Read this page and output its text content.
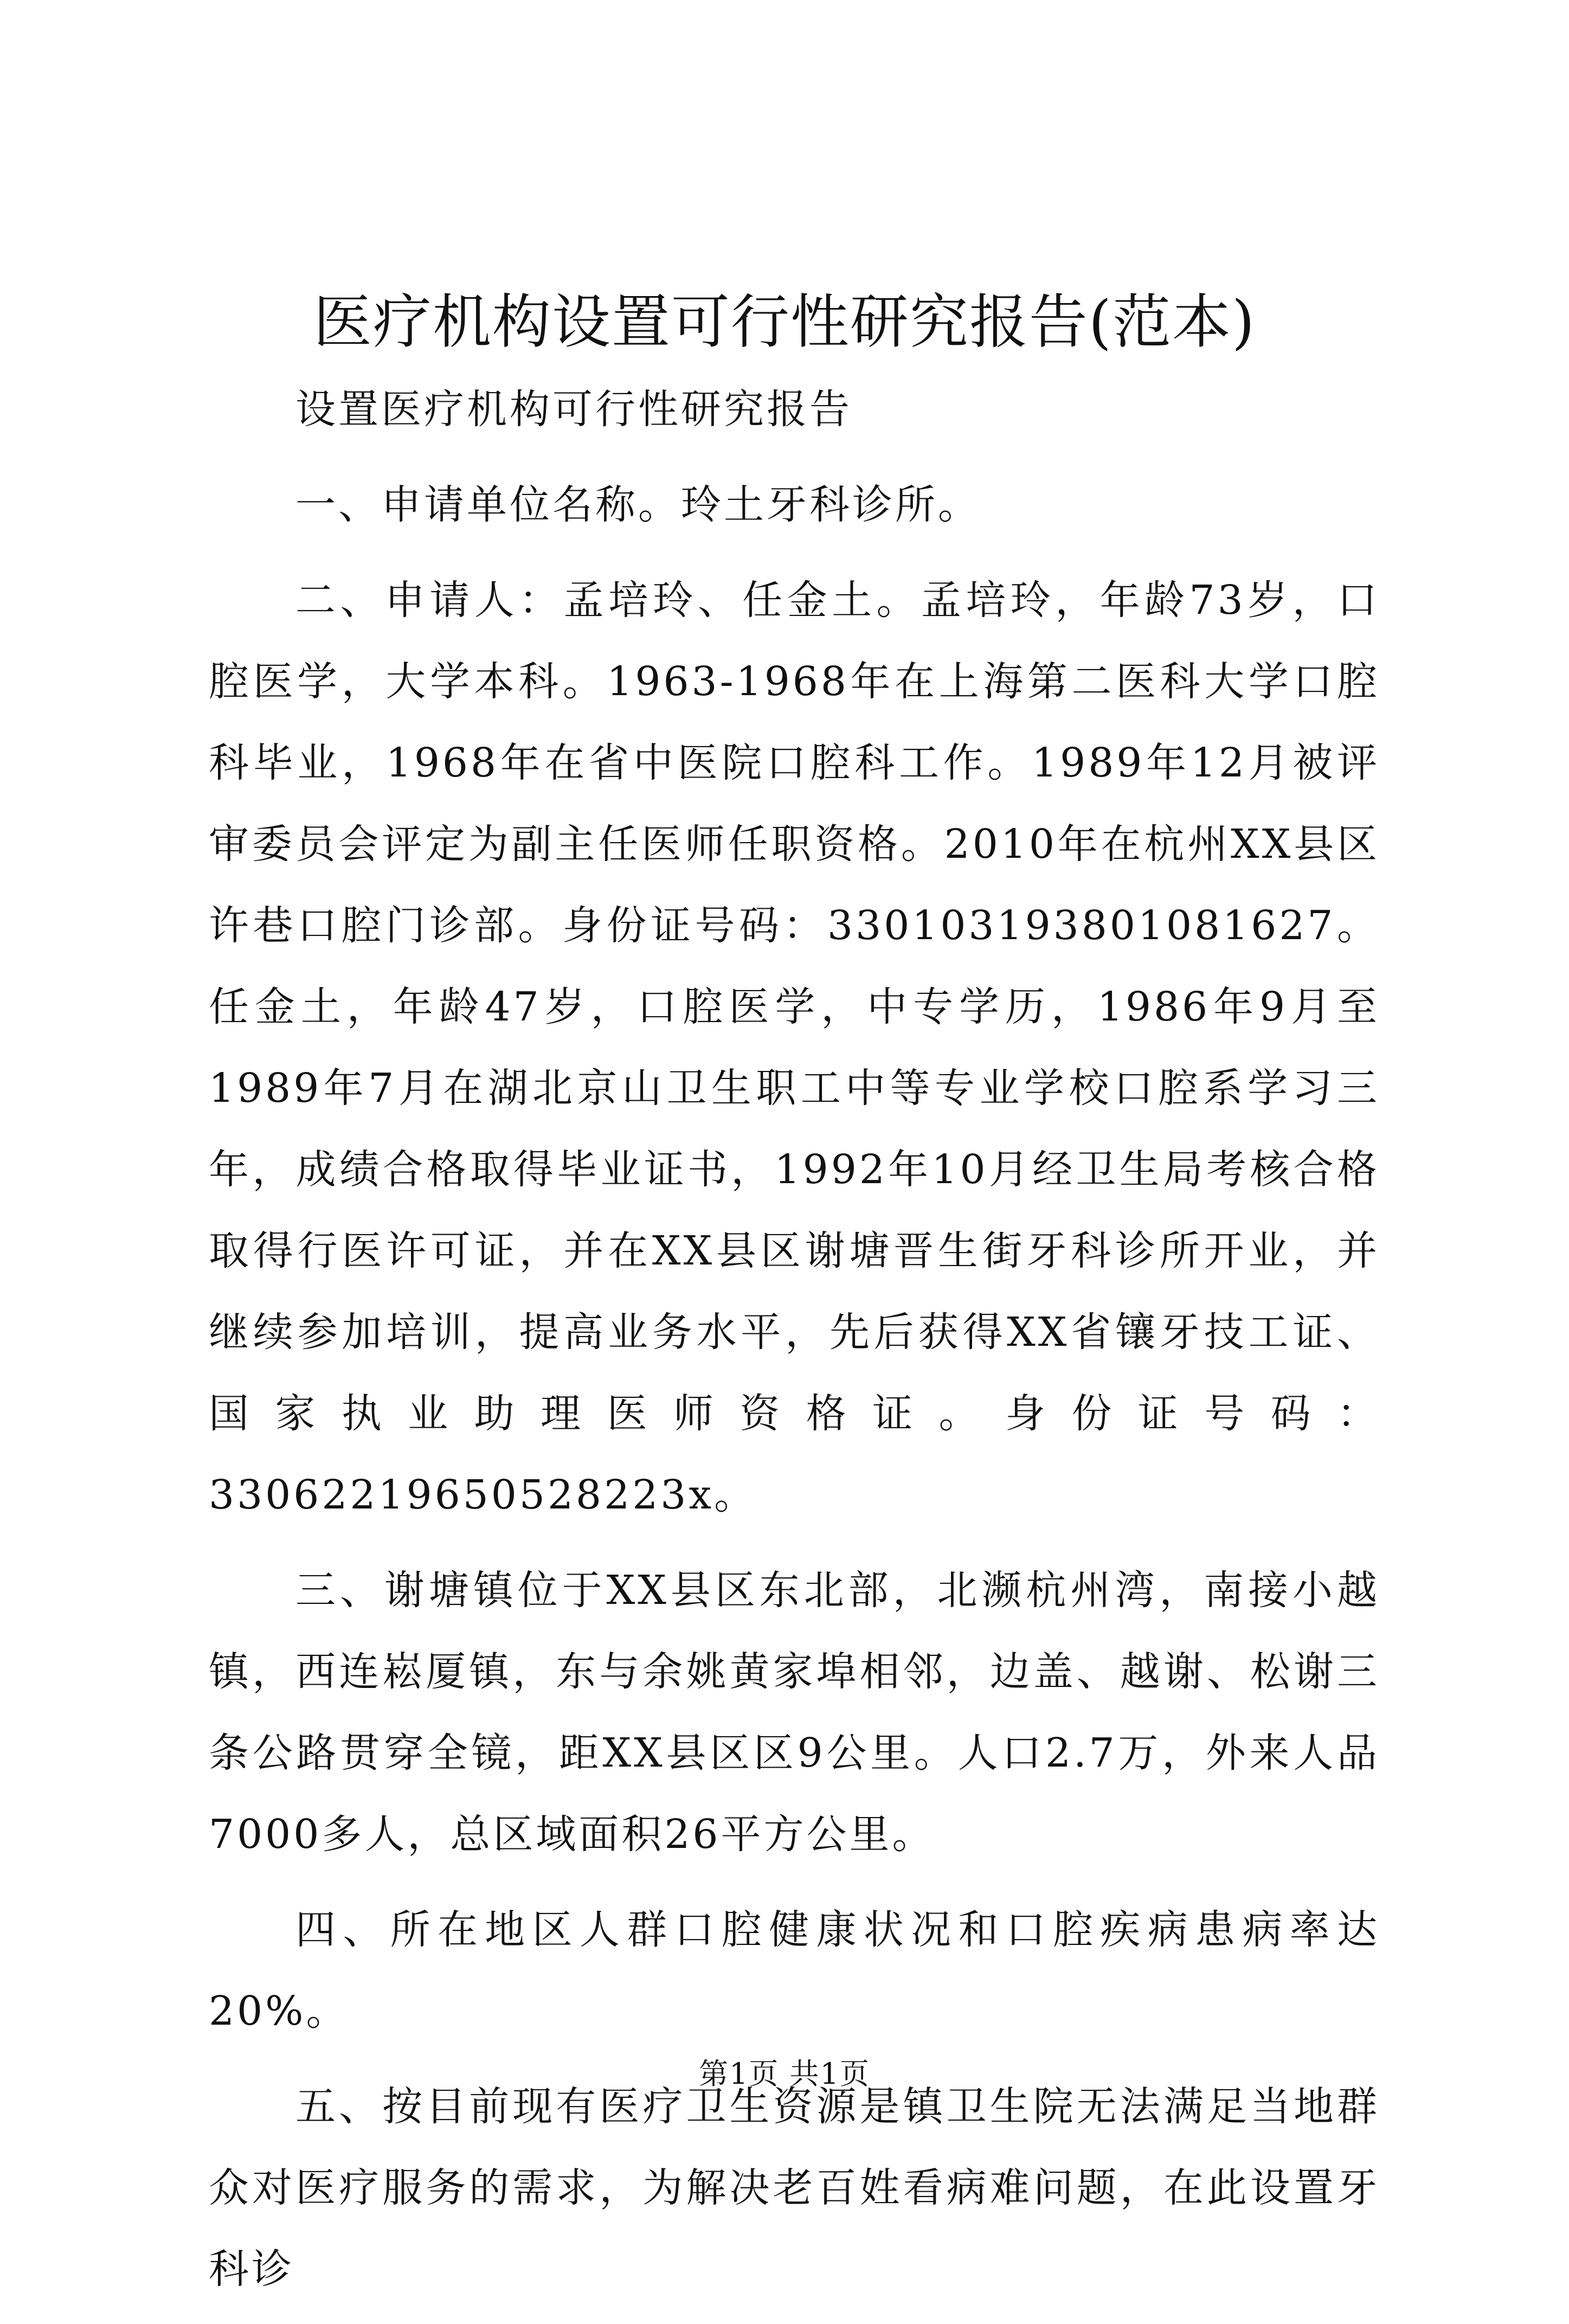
医疗机构设置可行性研究报告(范本)

设置医疗机构可行性研究报告

一、申请单位名称。玲土牙科诊所。

二、申请人：孟培玲、任金土。孟培玲，年龄73岁，口腔医学，大学本科。1963-1968年在上海第二医科大学口腔科毕业，1968年在省中医院口腔科工作。1989年12月被评审委员会评定为副主任医师任职资格。2010年在杭州XX县区许巷口腔门诊部。身份证号码：330103193801081627。任金土，年龄47岁，口腔医学，中专学历，1986年9月至1989年7月在湖北京山卫生职工中等专业学校口腔系学习三年，成绩合格取得毕业证书，1992年10月经卫生局考核合格取得行医许可证，并在XX县区谢塘晋生街牙科诊所开业，并继续参加培训，提高业务水平，先后获得XX省镶牙技工证、国家执业助理医师资格证。身份证号码：33062219650528223x。

三、谢塘镇位于XX县区东北部，北濒杭州湾，南接小越镇，西连崧厦镇，东与余姚黄家埠相邻，边盖、越谢、松谢三条公路贯穿全镜，距XX县区区9公里。人口2.7万，外来人品7000多人，总区域面积26平方公里。

四、所在地区人群口腔健康状况和口腔疾病患病率达20%。

五、按目前现有医疗卫生资源是镇卫生院无法满足当地群众对医疗服务的需求，为解决老百姓看病难问题，在此设置牙科诊

第1页 共1页
